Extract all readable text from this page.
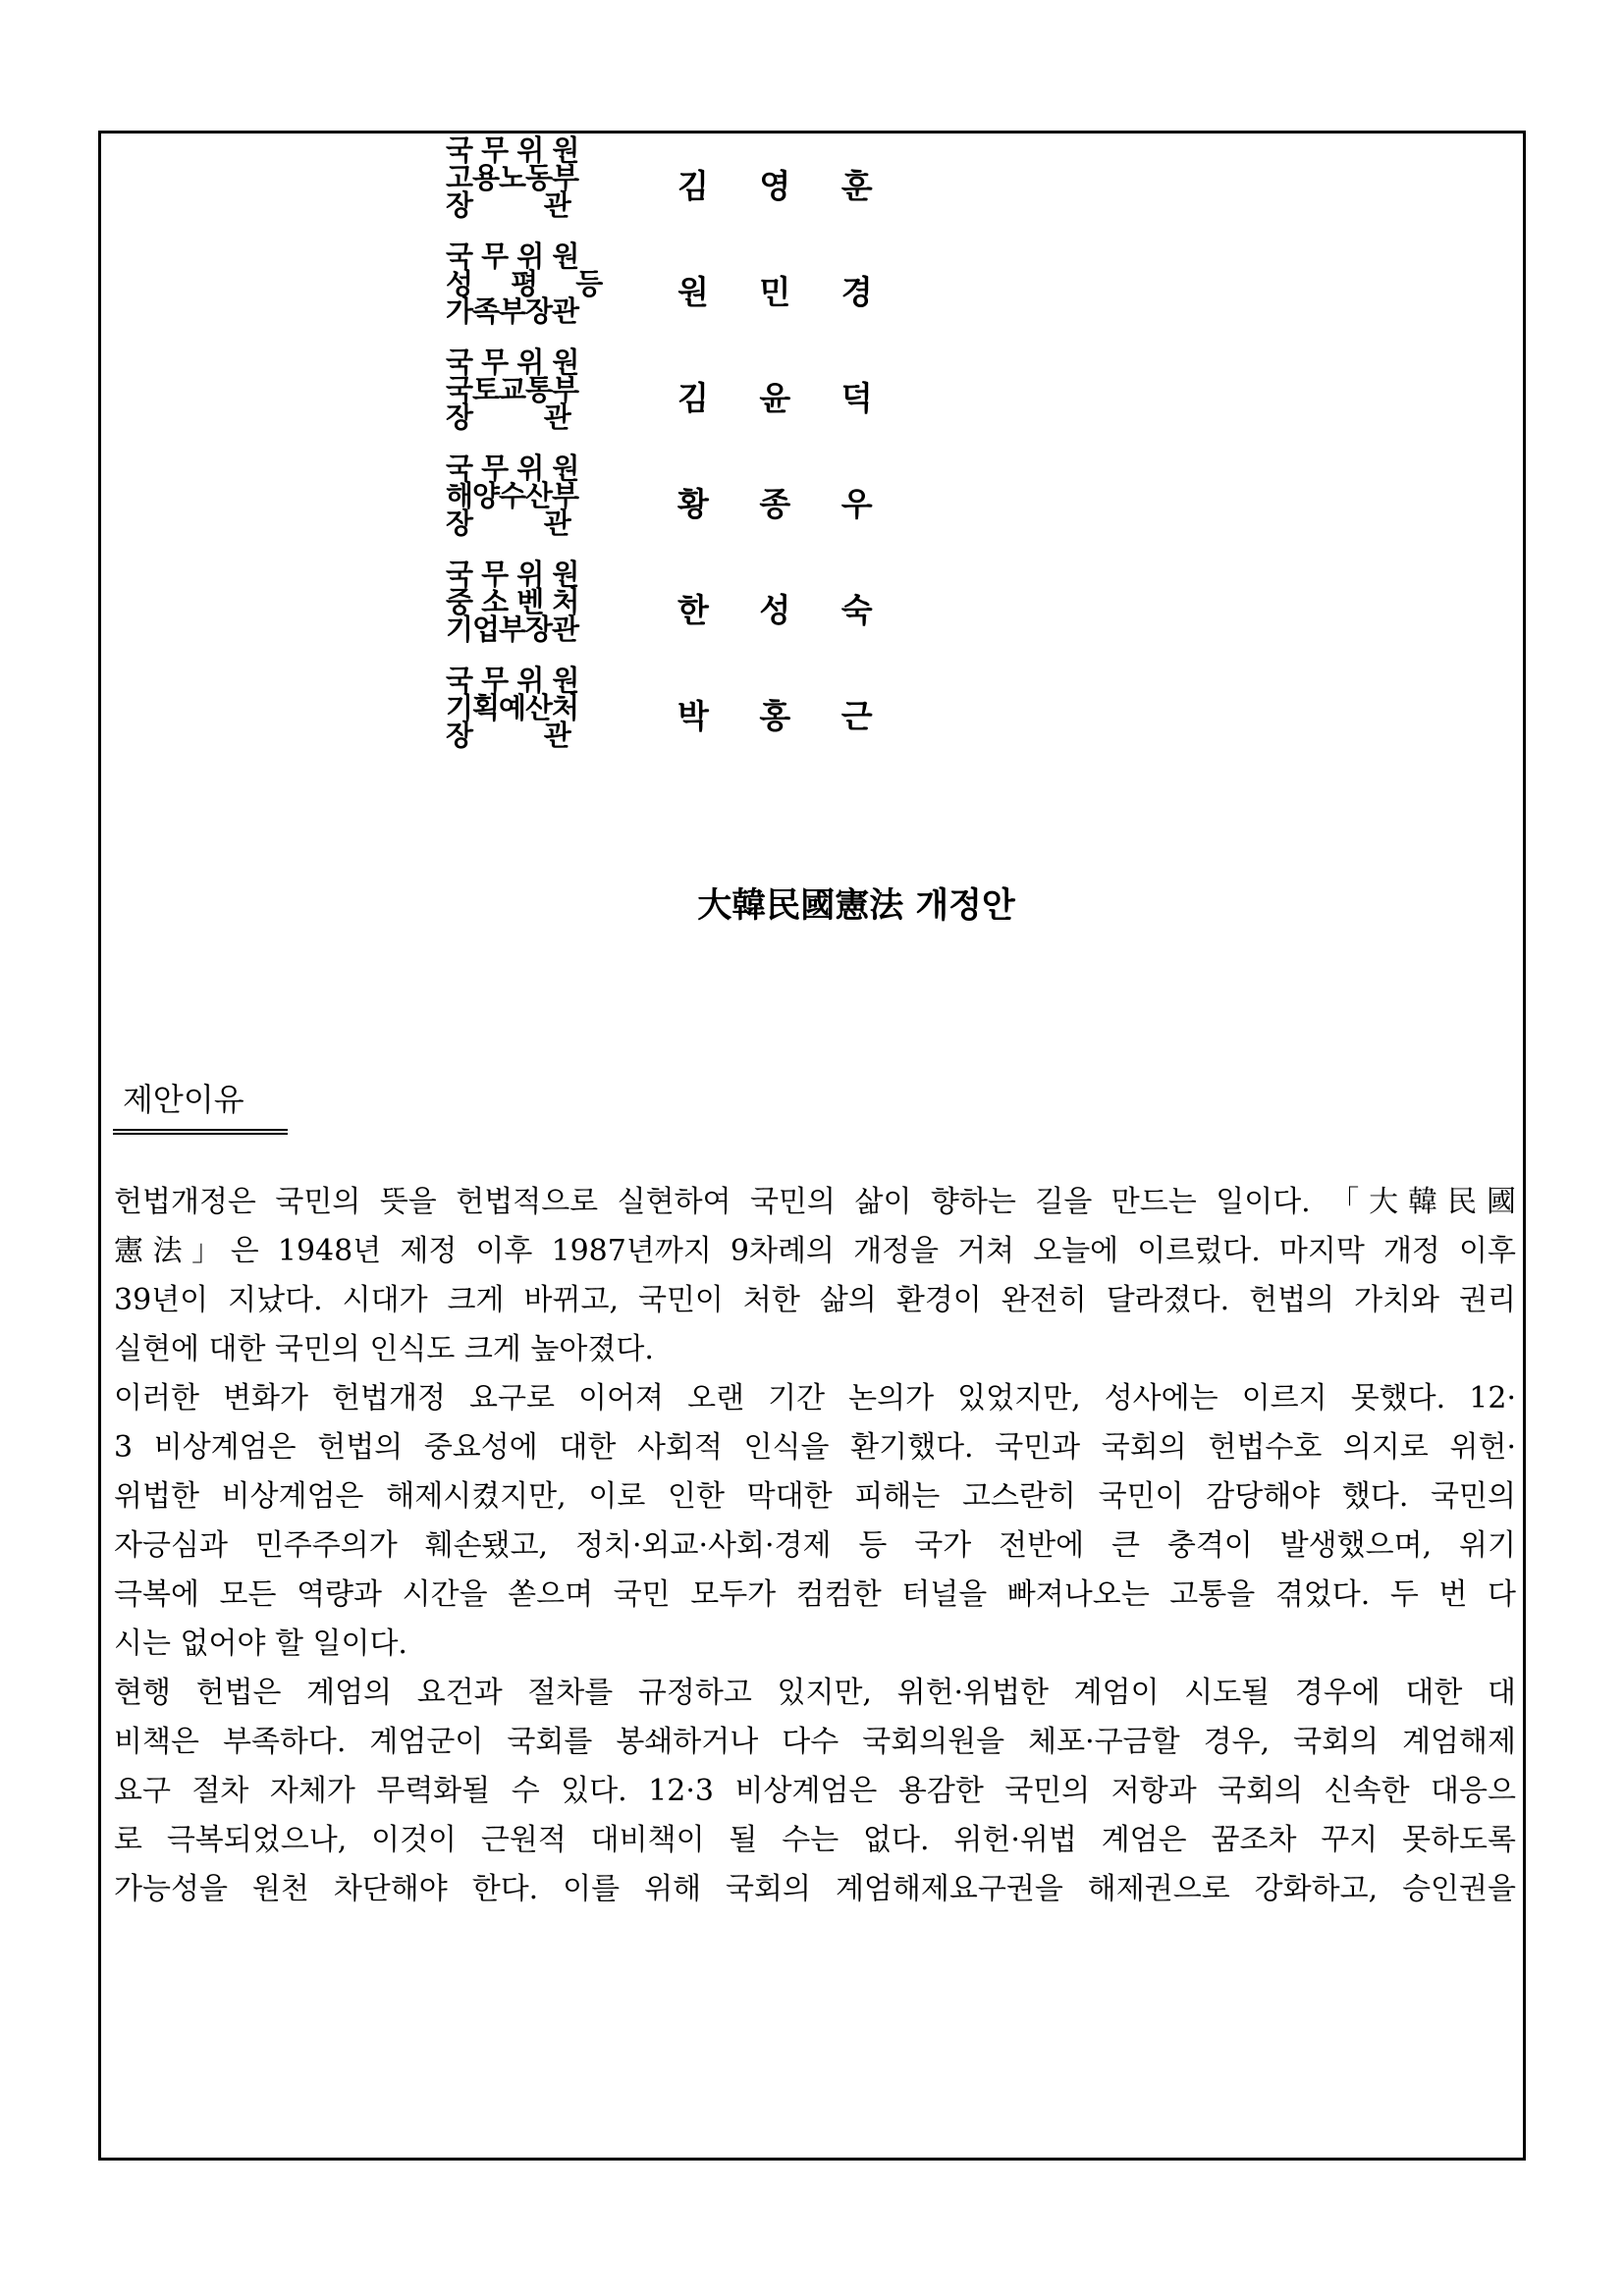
국 무 위 원
고용노동부
장        관	김 영 훈
국 무 위 원
성 평 등
가족부장관	원 민 경
국 무 위 원
국토교통부
장        관	김 윤 덕
국 무 위 원
해양수산부
장        관	황 종 우
국 무 위 원
중 소 벤 처
기업부장관	한 성 숙
국 무 위 원
기획예산처
장        관	박 홍 근
大韓民國憲法 개정안
제안이유
헌법개정은 국민의 뜻을 헌법적으로 실현하여 국민의 삶이 향하는 길을 만드는 일이다. 「大韓民國
憲法」은 1948년 제정 이후 1987년까지 9차례의 개정을 거쳐 오늘에 이르렀다. 마지막 개정 이후
39년이 지났다. 시대가 크게 바뀌고, 국민이 처한 삶의 환경이 완전히 달라졌다. 헌법의 가치와 권리
실현에 대한 국민의 인식도 크게 높아졌다.
이러한 변화가 헌법개정 요구로 이어져 오랜 기간 논의가 있었지만, 성사에는 이르지 못했다. 12·
3 비상계엄은 헌법의 중요성에 대한 사회적 인식을 환기했다. 국민과 국회의 헌법수호 의지로 위헌·
위법한 비상계엄은 해제시켰지만, 이로 인한 막대한 피해는 고스란히 국민이 감당해야 했다. 국민의
자긍심과 민주주의가 훼손됐고, 정치·외교·사회·경제 등 국가 전반에 큰 충격이 발생했으며, 위기
극복에 모든 역량과 시간을 쏟으며 국민 모두가 컴컴한 터널을 빠져나오는 고통을 겪었다. 두 번 다
시는 없어야 할 일이다.
현행 헌법은 계엄의 요건과 절차를 규정하고 있지만, 위헌·위법한 계엄이 시도될 경우에 대한 대
비책은 부족하다. 계엄군이 국회를 봉쇄하거나 다수 국회의원을 체포·구금할 경우, 국회의 계엄해제
요구 절차 자체가 무력화될 수 있다. 12·3 비상계엄은 용감한 국민의 저항과 국회의 신속한 대응으
로 극복되었으나, 이것이 근원적 대비책이 될 수는 없다. 위헌·위법 계엄은 꿈조차 꾸지 못하도록
가능성을 원천 차단해야 한다. 이를 위해 국회의 계엄해제요구권을 해제권으로 강화하고, 승인권을
